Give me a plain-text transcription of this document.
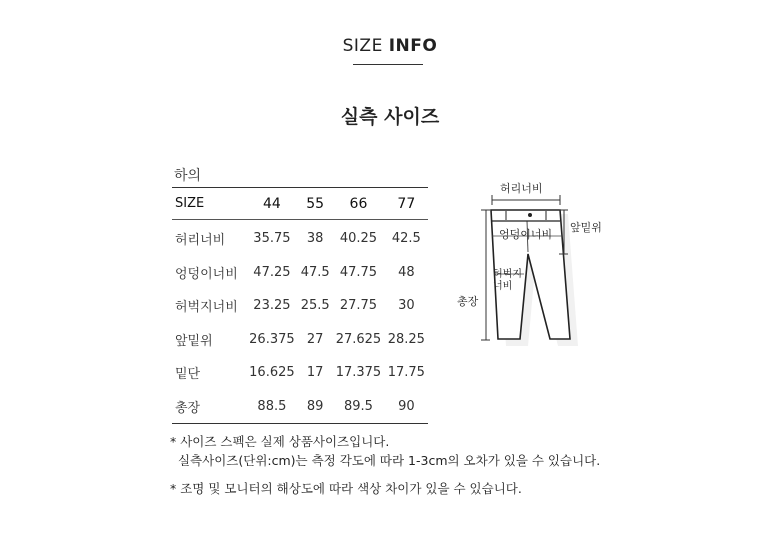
SIZE INFO
실측 사이즈
하의
SIZE	44	55	66	77
허리너비	35.75	38	40.25	42.5
엉덩이너비	47.25	47.5	47.75	48
허벅지너비	23.25	25.5	27.75	30
앞밑위	26.375	27	27.625	28.25
밑단	16.625	17	17.375	17.75
총장	88.5	89	89.5	90
허리너비
엉덩이너비
앞밑위
허벅지
너비
총장

* 사이즈 스펙은 실제 상품사이즈입니다.

실측사이즈(단위:cm)는 측정 각도에 따라 1-3cm의 오차가 있을 수 있습니다.

* 조명 및 모니터의 해상도에 따라 색상 차이가 있을 수 있습니다.
